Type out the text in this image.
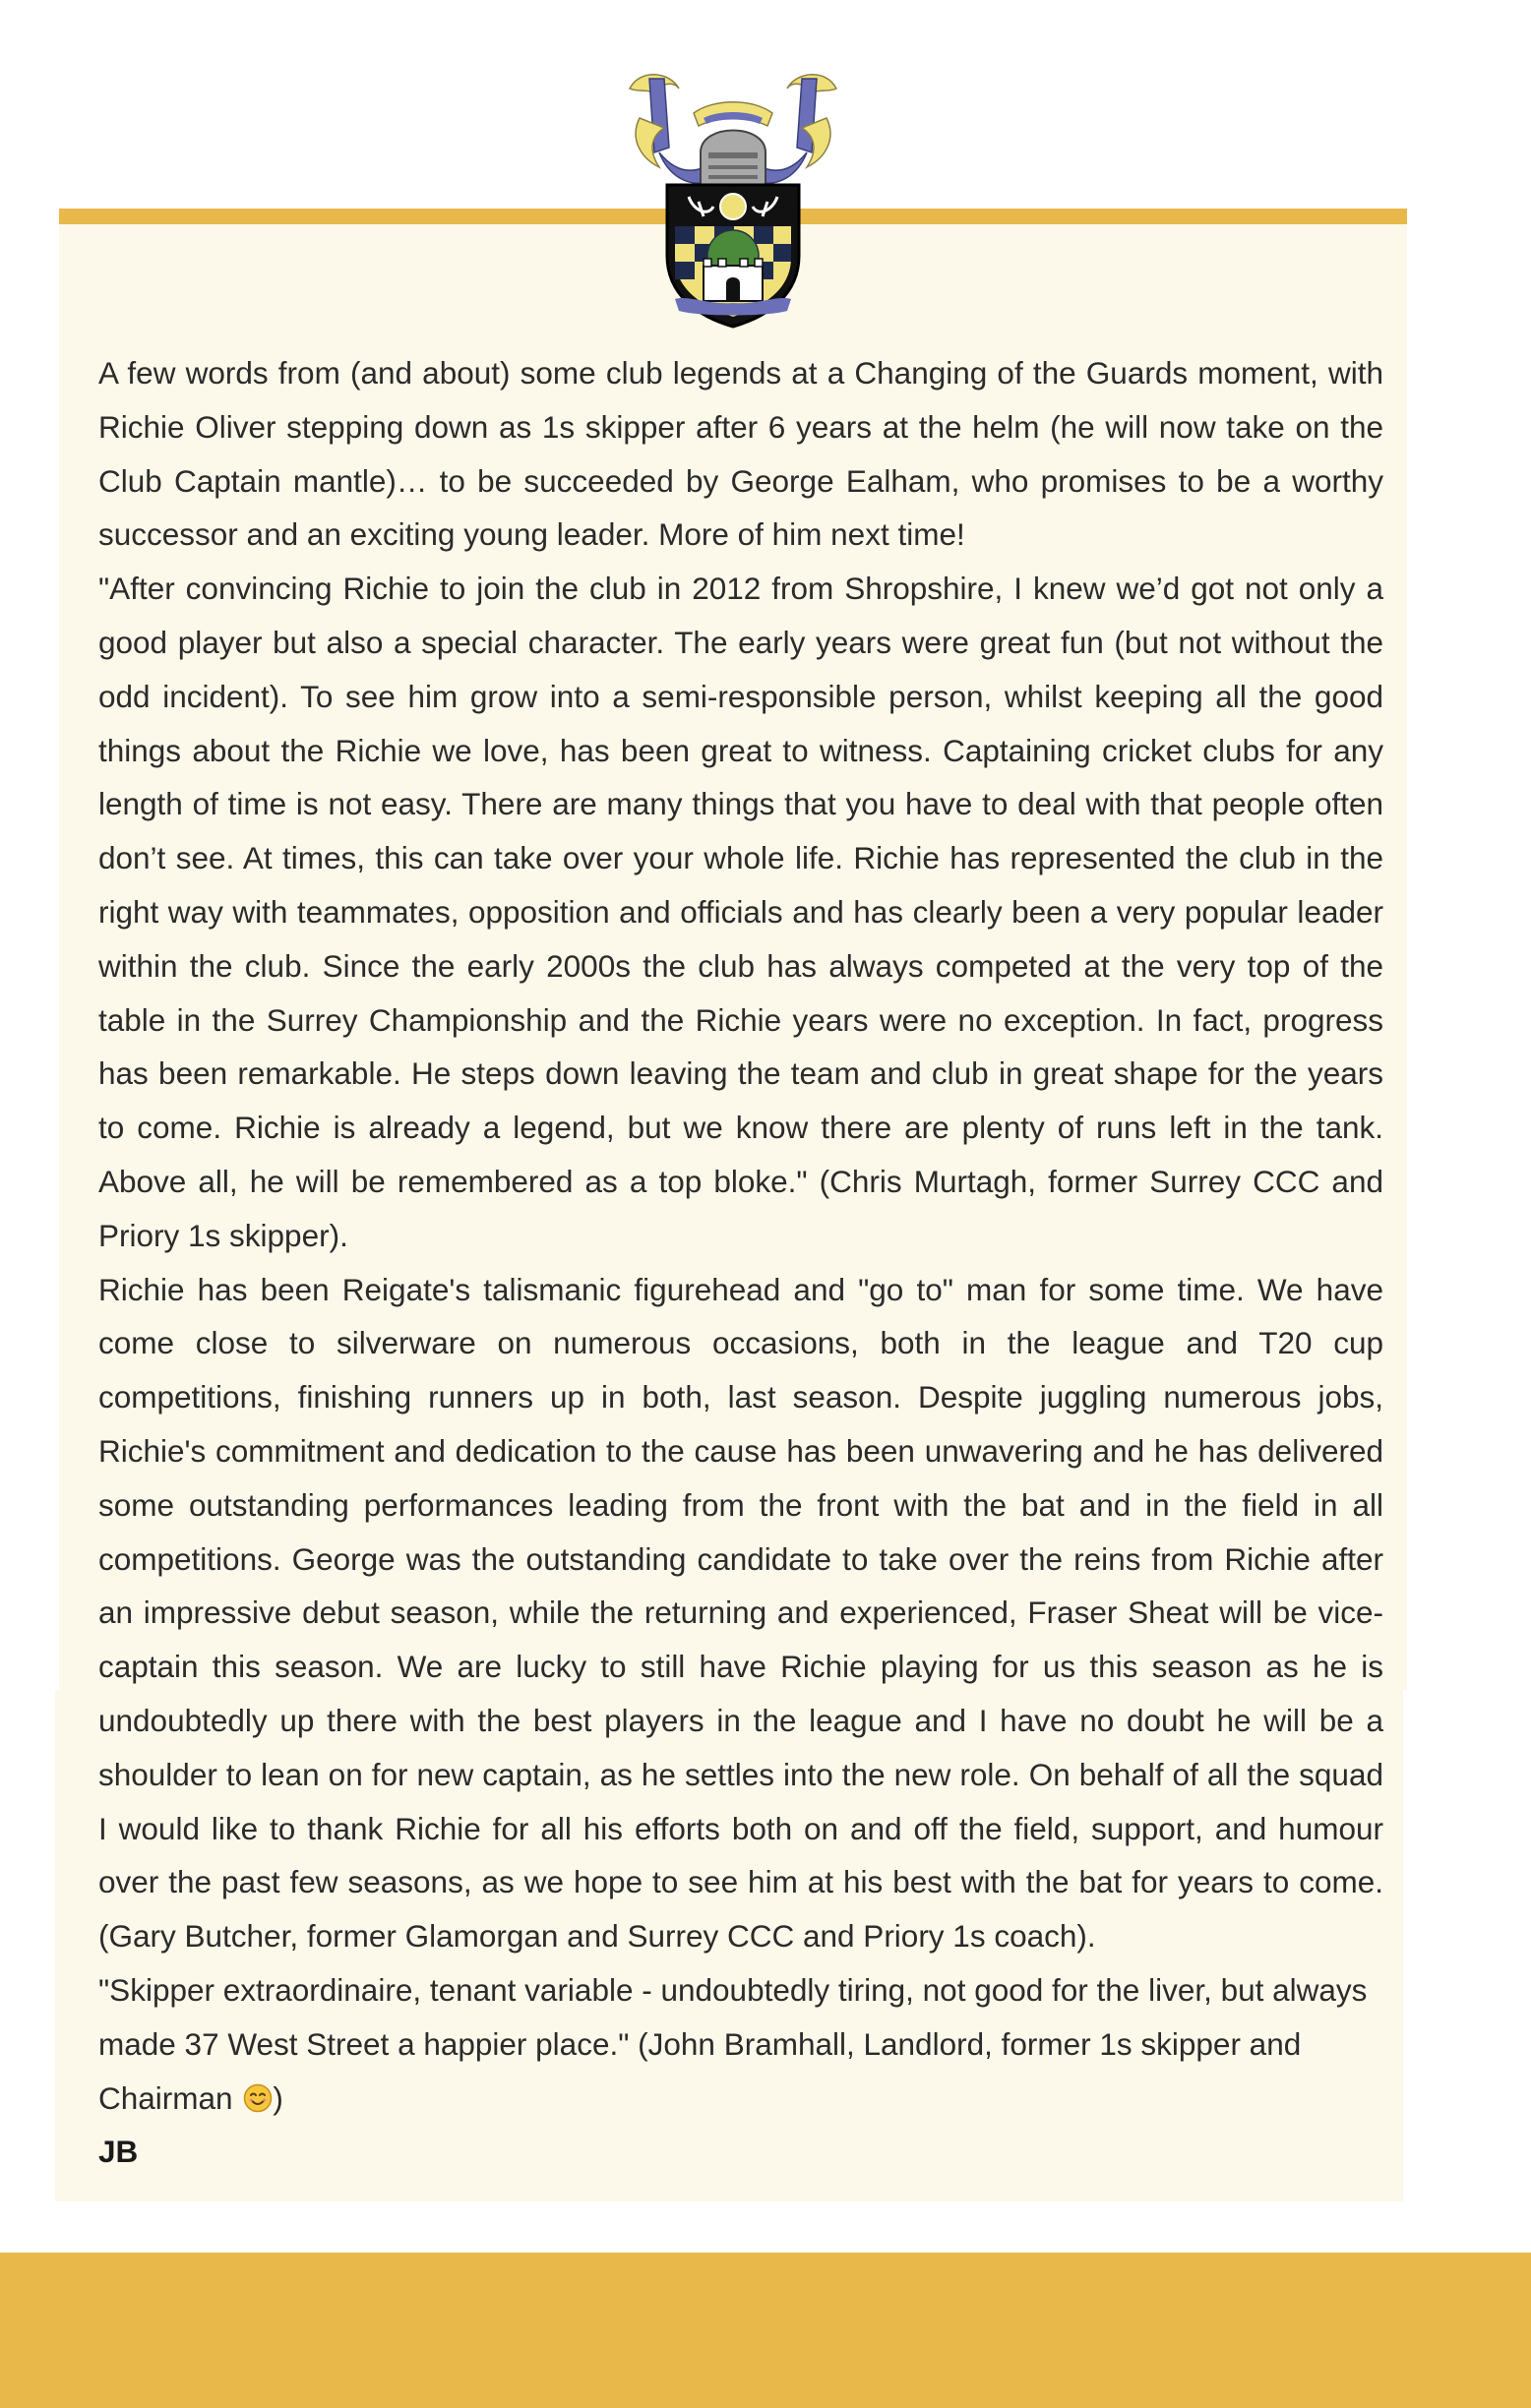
A few words from (and about) some club legends at a Changing of the Guards moment, with Richie Oliver stepping down as 1s skipper after 6 years at the helm (he will now take on the Club Captain mantle)… to be succeeded by George Ealham, who promises to be a worthy successor and an exciting young leader. More of him next time!

"After convincing Richie to join the club in 2012 from Shropshire, I knew we’d got not only a good player but also a special character. The early years were great fun (but not without the odd incident). To see him grow into a semi-responsible person, whilst keeping all the good things about the Richie we love, has been great to witness. Captaining cricket clubs for any length of time is not easy. There are many things that you have to deal with that people often don’t see. At times, this can take over your whole life. Richie has represented the club in the right way with teammates, opposition and officials and has clearly been a very popular leader within the club. Since the early 2000s the club has always competed at the very top of the table in the Surrey Championship and the Richie years were no exception. In fact, progress has been remarkable. He steps down leaving the team and club in great shape for the years to come. Richie is already a legend, but we know there are plenty of runs left in the tank. Above all, he will be remembered as a top bloke." (Chris Murtagh, former Surrey CCC and Priory 1s skipper).

Richie has been Reigate's talismanic figurehead and "go to" man for some time. We have come close to silverware on numerous occasions, both in the league and T20 cup competitions, finishing runners up in both, last season. Despite juggling numerous jobs, Richie's commitment and dedication to the cause has been unwavering and he has delivered some outstanding performances leading from the front with the bat and in the field in all competitions. George was the outstanding candidate to take over the reins from Richie after an impressive debut season, while the returning and experienced, Fraser Sheat will be vice-captain this season. We are lucky to still have Richie playing for us this season as he is undoubtedly up there with the best players in the league and I have no doubt he will be a shoulder to lean on for new captain, as he settles into the new role. On behalf of all the squad I would like to thank Richie for all his efforts both on and off the field, support, and humour over the past few seasons, as we hope to see him at his best with the bat for years to come. (Gary Butcher, former Glamorgan and Surrey CCC and Priory 1s coach).

"Skipper extraordinaire, tenant variable - undoubtedly tiring, not good for the liver, but always made 37 West Street a happier place." (John Bramhall, Landlord, former 1s skipper and Chairman )

JB
